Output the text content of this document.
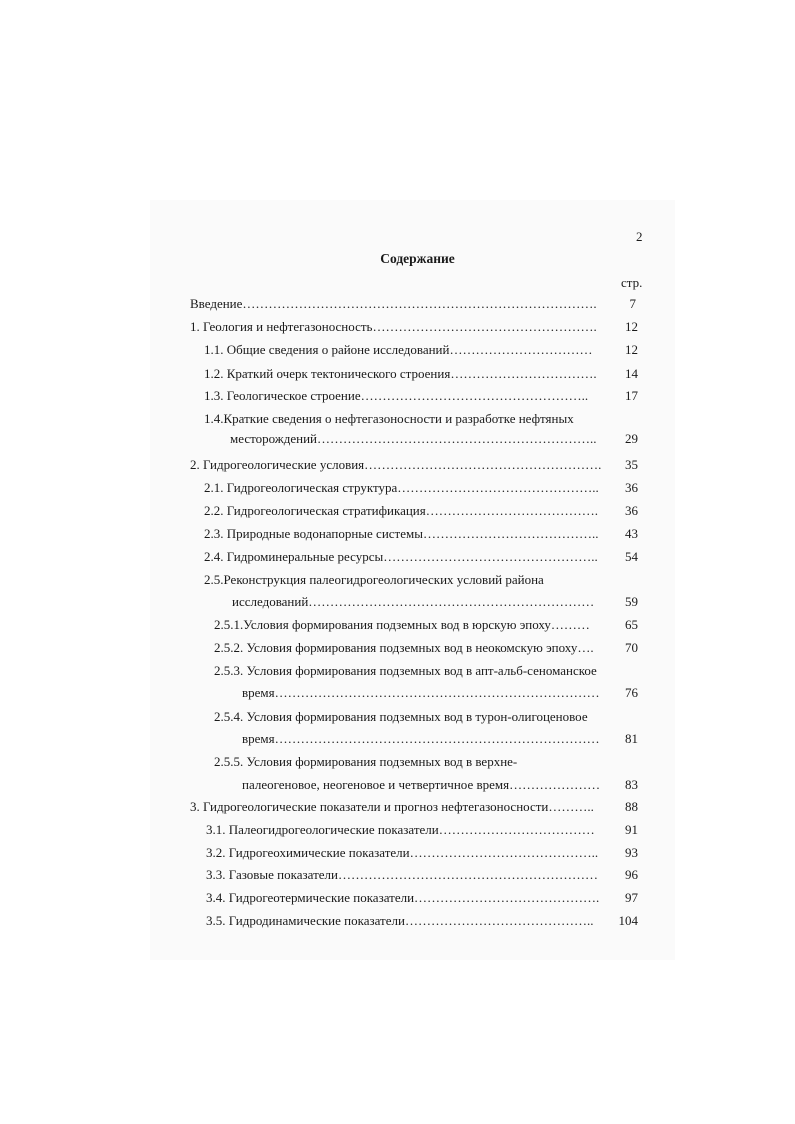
2
Содержание
стр.
Введение……………………………………………………………………….	7
1. Геология и нефтегазоносность…………………………………………….	12
1.1. Общие сведения о районе исследований……………………………	12
1.2. Краткий очерк тектонического строения…………………………….	14
1.3. Геологическое строение……………………………………………..	17
1.4.Краткие сведения о нефтегазоносности и разработке нефтяных
месторождений………………………………………………………..	29
2. Гидрогеологические условия……………………………………………….	35
2.1. Гидрогеологическая структура………………………………………..	36
2.2. Гидрогеологическая стратификация………………………………….	36
2.3. Природные водонапорные системы…………………………………..	43
2.4. Гидроминеральные ресурсы…………………………………………..	54
2.5.Реконструкция палеогидрогеологических условий района
исследований…………………………………………………………	59
2.5.1.Условия формирования подземных вод в юрскую эпоху………	65
2.5.2. Условия формирования подземных вод в неокомскую эпоху….	70
2.5.3. Условия формирования подземных вод в апт-альб-сеноманское
время…………………………………………………………………	76
2.5.4. Условия формирования подземных вод в турон-олигоценовое
время…………………………………………………………………	81
2.5.5. Условия формирования подземных вод в верхне-
палеогеновое, неогеновое и четвертичное время…………………	83
3. Гидрогеологические показатели и прогноз нефтегазоносности………..	88
3.1. Палеогидрогеологические показатели………………………………	91
3.2. Гидрогеохимические показатели……………………………………..	93
3.3. Газовые показатели……………………………………………………	96
3.4. Гидрогеотермические показатели…………………………………….	97
3.5. Гидродинамические показатели……………………………………..	104
